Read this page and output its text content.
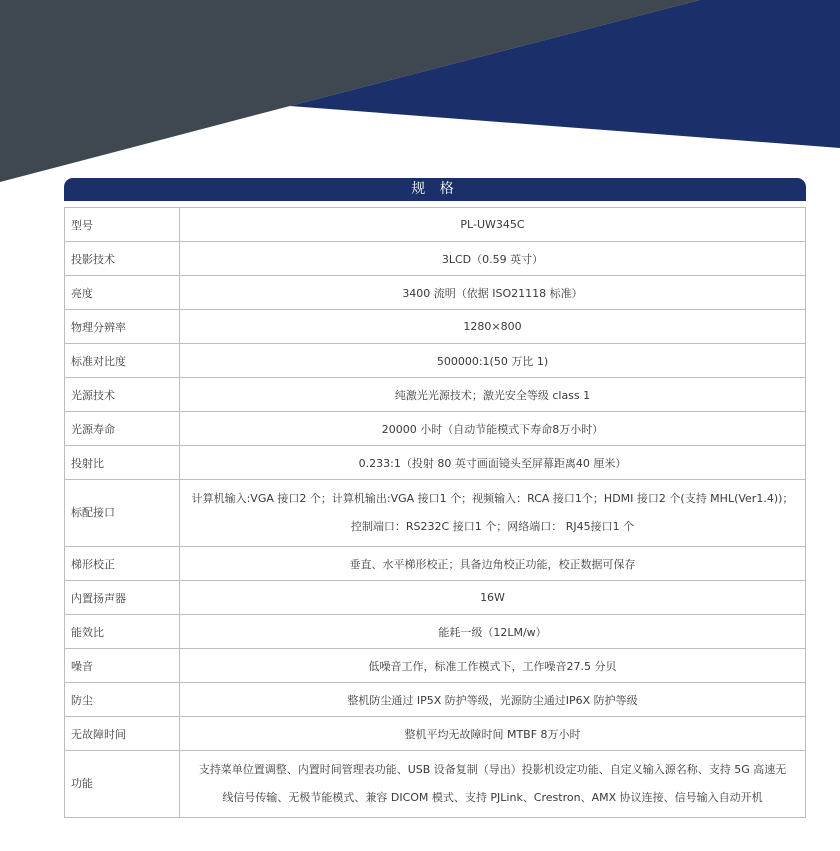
规 格
型号	PL-UW345C

投影技术	3LCD（0.59 英寸）

亮度	3400 流明（依据 ISO21118 标准）

物理分辨率	1280×800

标准对比度	500000:1(50 万比 1)

光源技术	纯激光光源技术；激光安全等级 class 1

光源寿命	20000 小时（自动节能模式下寿命8万小时）

投射比	0.233:1（投射 80 英寸画面镜头至屏幕距离40 厘米）

标配接口	计算机输入:VGA 接口2 个；计算机输出:VGA 接口1 个；视频输入：RCA 接口1个；HDMI 接口2 个(支持 MHL(Ver1.4))；
控制端口：RS232C 接口1 个；网络端口： RJ45接口1 个

梯形校正	垂直、水平梯形校正；具备边角校正功能，校正数据可保存

内置扬声器	16W

能效比	能耗一级（12LM/w）

噪音	低噪音工作，标准工作模式下，工作噪音27.5 分贝

防尘	整机防尘通过 IP5X 防护等级，光源防尘通过IP6X 防护等级

无故障时间	整机平均无故障时间 MTBF 8万小时

功能	支持菜单位置调整、内置时间管理表功能、USB 设备复制（导出）投影机设定功能、自定义输入源名称、支持 5G 高速无
线信号传输、无极节能模式、兼容 DICOM 模式、支持 PJLink、Crestron、AMX 协议连接、信号输入自动开机
